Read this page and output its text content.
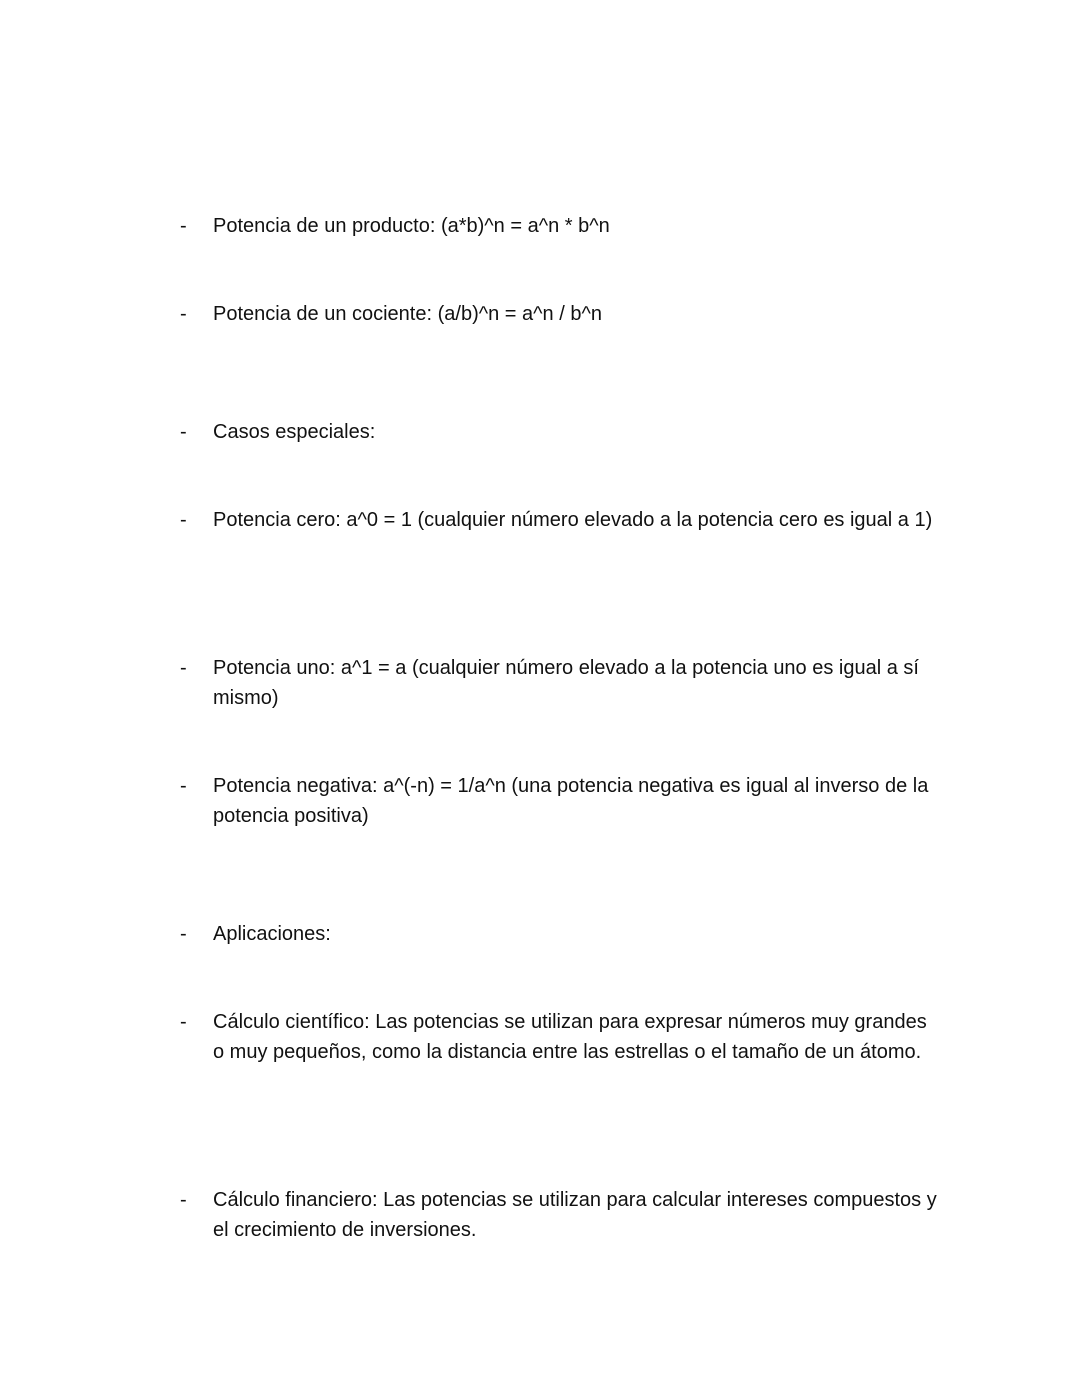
-	Potencia de un producto: (a*b)^n = a^n * b^n
-	Potencia de un cociente: (a/b)^n = a^n / b^n
-	Casos especiales:
-	Potencia cero: a^0 = 1 (cualquier número elevado a la potencia cero es igual a 1)
-	Potencia uno: a^1 = a (cualquier número elevado a la potencia uno es igual a sí mismo)
-	Potencia negativa: a^(-n) = 1/a^n (una potencia negativa es igual al inverso de la potencia positiva)
-	Aplicaciones:
-	Cálculo científico: Las potencias se utilizan para expresar números muy grandes o muy pequeños, como la distancia entre las estrellas o el tamaño de un átomo.
-	Cálculo financiero: Las potencias se utilizan para calcular intereses compuestos y el crecimiento de inversiones.
